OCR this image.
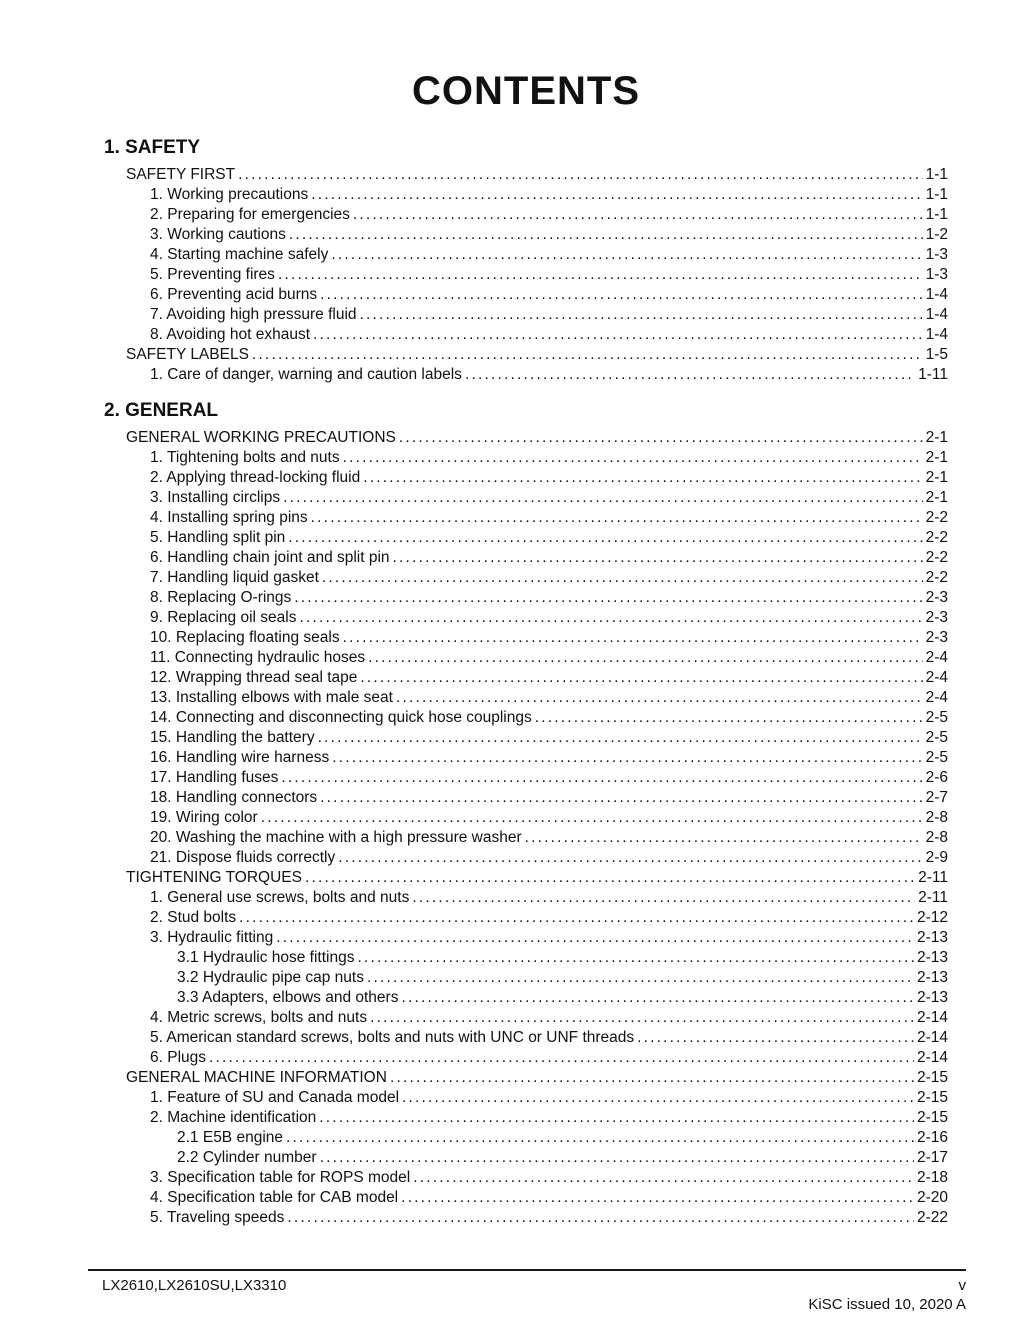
CONTENTS
1. SAFETY
SAFETY FIRST .....	1-1
1. Working precautions .....	1-1
2. Preparing for emergencies .....	1-1
3. Working cautions .....	1-2
4. Starting machine safely .....	1-3
5. Preventing fires .....	1-3
6. Preventing acid burns .....	1-4
7. Avoiding high pressure fluid .....	1-4
8. Avoiding hot exhaust .....	1-4
SAFETY LABELS .....	1-5
1. Care of danger, warning and caution labels .....	1-11
2. GENERAL
GENERAL WORKING PRECAUTIONS .....	2-1
1. Tightening bolts and nuts .....	2-1
2. Applying thread-locking fluid .....	2-1
3. Installing circlips .....	2-1
4. Installing spring pins .....	2-2
5. Handling split pin .....	2-2
6. Handling chain joint and split pin .....	2-2
7. Handling liquid gasket .....	2-2
8. Replacing O-rings .....	2-3
9. Replacing oil seals .....	2-3
10. Replacing floating seals .....	2-3
11. Connecting hydraulic hoses .....	2-4
12. Wrapping thread seal tape .....	2-4
13. Installing elbows with male seat .....	2-4
14. Connecting and disconnecting quick hose couplings .....	2-5
15. Handling the battery .....	2-5
16. Handling wire harness .....	2-5
17. Handling fuses .....	2-6
18. Handling connectors .....	2-7
19. Wiring color .....	2-8
20. Washing the machine with a high pressure washer .....	2-8
21. Dispose fluids correctly .....	2-9
TIGHTENING TORQUES .....	2-11
1. General use screws, bolts and nuts .....	2-11
2. Stud bolts .....	2-12
3. Hydraulic fitting .....	2-13
3.1 Hydraulic hose fittings .....	2-13
3.2 Hydraulic pipe cap nuts .....	2-13
3.3 Adapters, elbows and others .....	2-13
4. Metric screws, bolts and nuts .....	2-14
5. American standard screws, bolts and nuts with UNC or UNF threads .....	2-14
6. Plugs .....	2-14
GENERAL MACHINE INFORMATION .....	2-15
1. Feature of SU and Canada model .....	2-15
2. Machine identification .....	2-15
2.1 E5B engine .....	2-16
2.2 Cylinder number .....	2-17
3. Specification table for ROPS model .....	2-18
4. Specification table for CAB model .....	2-20
5. Traveling speeds .....	2-22
LX2610,LX2610SU,LX3310	v
KiSC issued 10, 2020 A
